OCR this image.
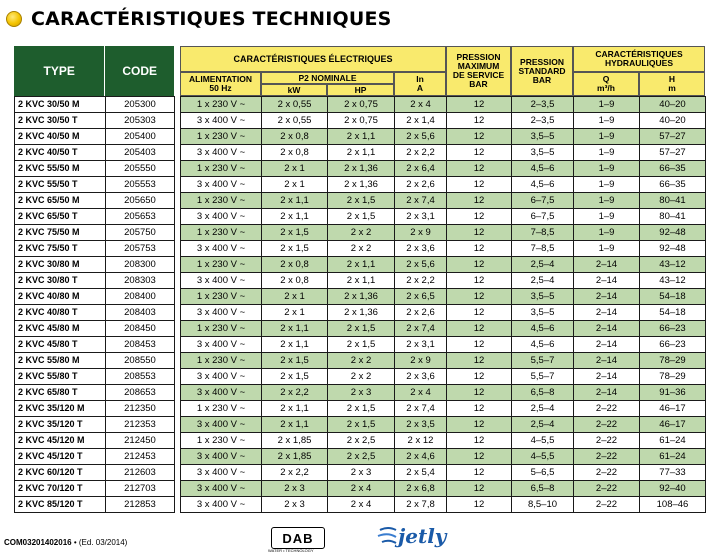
CARACTÉRISTIQUES TECHNIQUES
TYPE	CODE
CARACTÉRISTIQUES ÉLECTRIQUES
ALIMENTATION
50 Hz
P2 NOMINALE
kW	HP
In
A
PRESSION
MAXIMUM
DE SERVICE
BAR
PRESSION
STANDARD
BAR
CARACTÉRISTIQUES
HYDRAULIQUES
Q
m³/h
H
m
2 KVC 30/50 M	205300		1 x 230 V ~	2 x 0,55	2 x 0,75	2 x 4	12	2–3,5	1–9	40–20
2 KVC 30/50 T	205303		3 x 400 V ~	2 x 0,55	2 x 0,75	2 x 1,4	12	2–3,5	1–9	40–20
2 KVC 40/50 M	205400		1 x 230 V ~	2 x 0,8	2 x 1,1	2 x 5,6	12	3,5–5	1–9	57–27
2 KVC 40/50 T	205403		3 x 400 V ~	2 x 0,8	2 x 1,1	2 x 2,2	12	3,5–5	1–9	57–27
2 KVC 55/50 M	205550		1 x 230 V ~	2 x 1	2 x 1,36	2 x 6,4	12	4,5–6	1–9	66–35
2 KVC 55/50 T	205553		3 x 400 V ~	2 x 1	2 x 1,36	2 x 2,6	12	4,5–6	1–9	66–35
2 KVC 65/50 M	205650		1 x 230 V ~	2 x 1,1	2 x 1,5	2 x 7,4	12	6–7,5	1–9	80–41
2 KVC 65/50 T	205653		3 x 400 V ~	2 x 1,1	2 x 1,5	2 x 3,1	12	6–7,5	1–9	80–41
2 KVC 75/50 M	205750		1 x 230 V ~	2 x 1,5	2 x 2	2 x 9	12	7–8,5	1–9	92–48
2 KVC 75/50 T	205753		3 x 400 V ~	2 x 1,5	2 x 2	2 x 3,6	12	7–8,5	1–9	92–48
2 KVC 30/80 M	208300		1 x 230 V ~	2 x 0,8	2 x 1,1	2 x 5,6	12	2,5–4	2–14	43–12
2 KVC 30/80 T	208303		3 x 400 V ~	2 x 0,8	2 x 1,1	2 x 2,2	12	2,5–4	2–14	43–12
2 KVC 40/80 M	208400		1 x 230 V ~	2 x 1	2 x 1,36	2 x 6,5	12	3,5–5	2–14	54–18
2 KVC 40/80 T	208403		3 x 400 V ~	2 x 1	2 x 1,36	2 x 2,6	12	3,5–5	2–14	54–18
2 KVC 45/80 M	208450		1 x 230 V ~	2 x 1,1	2 x 1,5	2 x 7,4	12	4,5–6	2–14	66–23
2 KVC 45/80 T	208453		3 x 400 V ~	2 x 1,1	2 x 1,5	2 x 3,1	12	4,5–6	2–14	66–23
2 KVC 55/80 M	208550		1 x 230 V ~	2 x 1,5	2 x 2	2 x 9	12	5,5–7	2–14	78–29
2 KVC 55/80 T	208553		3 x 400 V ~	2 x 1,5	2 x 2	2 x 3,6	12	5,5–7	2–14	78–29
2 KVC 65/80 T	208653		3 x 400 V ~	2 x 2,2	2 x 3	2 x 4	12	6,5–8	2–14	91–36
2 KVC 35/120 M	212350		1 x 230 V ~	2 x 1,1	2 x 1,5	2 x 7,4	12	2,5–4	2–22	46–17
2 KVC 35/120 T	212353		3 x 400 V ~	2 x 1,1	2 x 1,5	2 x 3,5	12	2,5–4	2–22	46–17
2 KVC 45/120 M	212450		1 x 230 V ~	2 x 1,85	2 x 2,5	2 x 12	12	4–5,5	2–22	61–24
2 KVC 45/120 T	212453		3 x 400 V ~	2 x 1,85	2 x 2,5	2 x 4,6	12	4–5,5	2–22	61–24
2 KVC 60/120 T	212603		3 x 400 V ~	2 x 2,2	2 x 3	2 x 5,4	12	5–6,5	2–22	77–33
2 KVC 70/120 T	212703		3 x 400 V ~	2 x 3	2 x 4	2 x 6,8	12	6,5–8	2–22	92–40
2 KVC 85/120 T	212853		3 x 400 V ~	2 x 3	2 x 4	2 x 7,8	12	8,5–10	2–22	108–46
COM03201402016 • (Ed. 03/2014)	DAB
WATER • TECHNOLOGY
jetly
